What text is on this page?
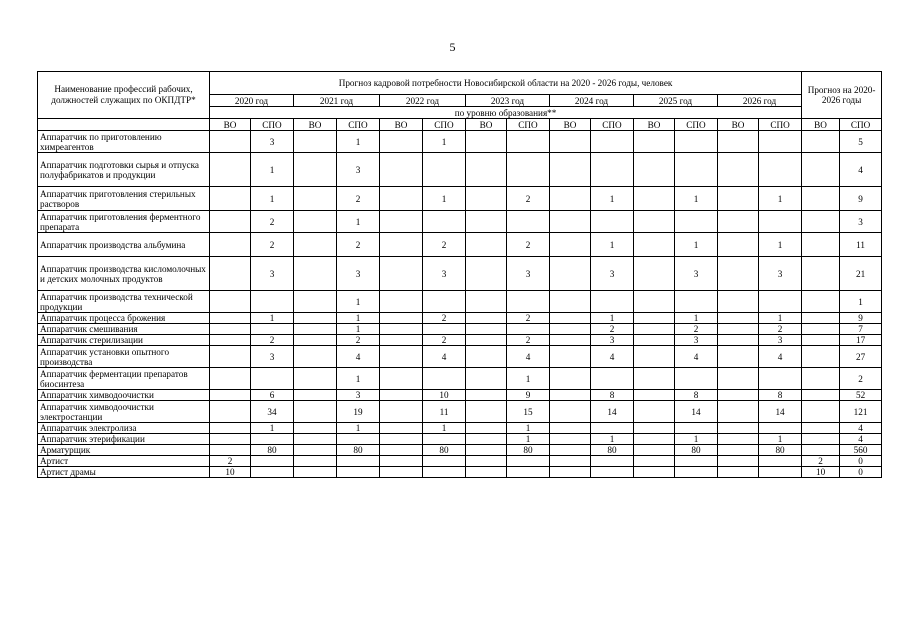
5
Наименование профессий рабочих, должностей служащих по ОКПДТР*	Прогноз кадровой потребности Новосибирской области на 2020 - 2026 годы, человек														Прогноз на 2020-2026 годы	
	2020 год		2021 год		2022 год		2023 год		2024 год		2025 год		2026 год			
	по уровню образования**															
	ВО	СПО	ВО	СПО	ВО	СПО	ВО	СПО	ВО	СПО	ВО	СПО	ВО	СПО	ВО	СПО
Аппаратчик по приготовлению химреагентов		3		1		1										5
Аппаратчик подготовки сырья и отпуска полуфабрикатов и продукции		1		3												4
Аппаратчик приготовления стерильных растворов		1		2		1		2		1		1		1		9
Аппаратчик приготовления ферментного препарата		2		1												3
Аппаратчик производства альбумина		2		2		2		2		1		1		1		11
Аппаратчик производства кисломолочных и детских молочных продуктов		3		3		3		3		3		3		3		21
Аппаратчик производства технической продукции				1												1
Аппаратчик процесса брожения		1		1		2		2		1		1		1		9
Аппаратчик смешивания				1						2		2		2		7
Аппаратчик стерилизации		2		2		2		2		3		3		3		17
Аппаратчик установки опытного производства		3		4		4		4		4		4		4		27
Аппаратчик ферментации препаратов биосинтеза				1				1								2
Аппаратчик химводоочистки		6		3		10		9		8		8		8		52
Аппаратчик химводоочистки электростанции		34		19		11		15		14		14		14		121
Аппаратчик электролиза		1		1		1		1								4
Аппаратчик этерификации								1		1		1		1		4
Арматурщик		80		80		80		80		80		80		80		560
Артист	2														2	0
Артист драмы	10														10	0
